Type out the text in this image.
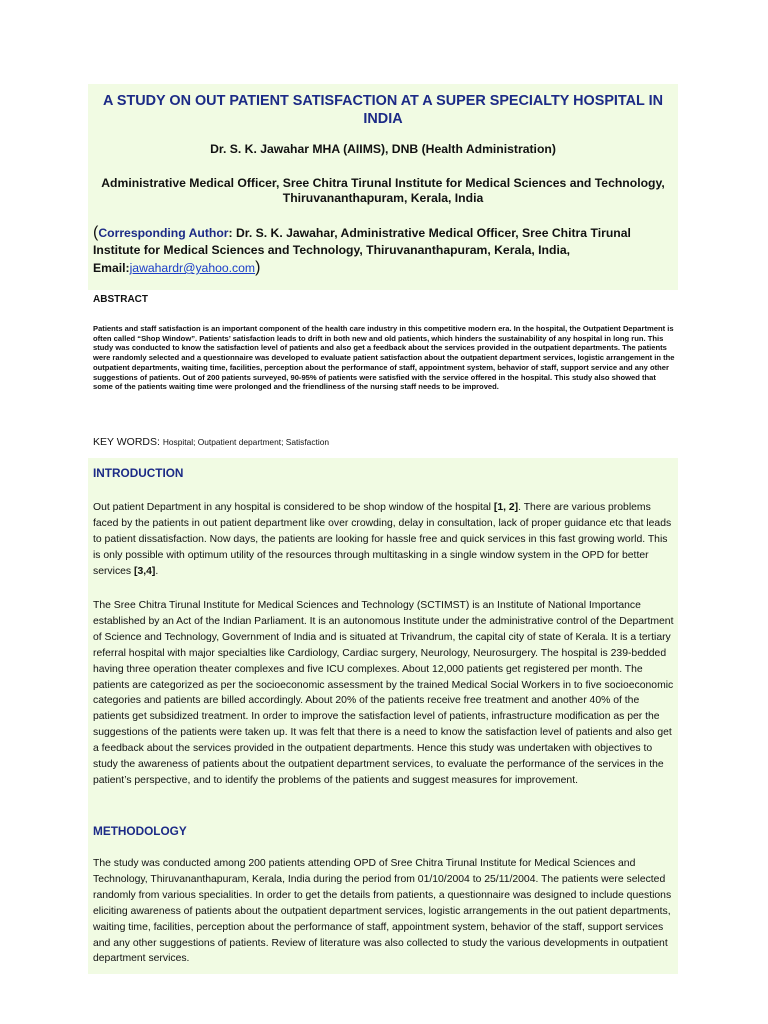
A STUDY ON OUT PATIENT SATISFACTION AT A SUPER SPECIALTY HOSPITAL IN INDIA

Dr. S. K. Jawahar MHA (AIIMS), DNB (Health Administration)

Administrative Medical Officer, Sree Chitra Tirunal Institute for Medical Sciences and Technology, Thiruvananthapuram, Kerala, India

(Corresponding Author: Dr. S. K. Jawahar, Administrative Medical Officer, Sree Chitra Tirunal Institute for Medical Sciences and Technology, Thiruvananthapuram, Kerala, India,
Email:jawahardr@yahoo.com)

ABSTRACT

Patients and staff satisfaction is an important component of the health care industry in this competitive modern era. In the hospital, the Outpatient Department is often called “Shop Window”. Patients’ satisfaction leads to drift in both new and old patients, which hinders the sustainability of any hospital in long run. This study was conducted to know the satisfaction level of patients and also get a feedback about the services provided in the outpatient departments. The patients were randomly selected and a questionnaire was developed to evaluate patient satisfaction about the outpatient department services, logistic arrangement in the outpatient departments, waiting time, facilities, perception about the performance of staff, appointment system, behavior of staff, support service and any other suggestions of patients. Out of 200 patients surveyed, 90-95% of patients were satisfied with the service offered in the hospital. This study also showed that some of the patients waiting time were prolonged and the friendliness of the nursing staff needs to be improved.

KEY WORDS: Hospital; Outpatient department; Satisfaction

INTRODUCTION

Out patient Department in any hospital is considered to be shop window of the hospital [1, 2]. There are various problems faced by the patients in out patient department like over crowding, delay in consultation, lack of proper guidance etc that leads to patient dissatisfaction. Now days, the patients are looking for hassle free and quick services in this fast growing world. This is only possible with optimum utility of the resources through multitasking in a single window system in the OPD for better services [3,4].

The Sree Chitra Tirunal Institute for Medical Sciences and Technology (SCTIMST) is an Institute of National Importance established by an Act of the Indian Parliament. It is an autonomous Institute under the administrative control of the Department of Science and Technology, Government of India and is situated at Trivandrum, the capital city of state of Kerala. It is a tertiary referral hospital with major specialties like Cardiology, Cardiac surgery, Neurology, Neurosurgery. The hospital is 239-bedded having three operation theater complexes and five ICU complexes. About 12,000 patients get registered per month. The patients are categorized as per the socioeconomic assessment by the trained Medical Social Workers in to five socioeconomic categories and patients are billed accordingly. About 20% of the patients receive free treatment and another 40% of the patients get subsidized treatment. In order to improve the satisfaction level of patients, infrastructure modification as per the suggestions of the patients were taken up. It was felt that there is a need to know the satisfaction level of patients and also get a feedback about the services provided in the outpatient departments. Hence this study was undertaken with objectives to study the awareness of patients about the outpatient department services, to evaluate the performance of the services in the patient’s perspective, and to identify the problems of the patients and suggest measures for improvement.

METHODOLOGY

The study was conducted among 200 patients attending OPD of Sree Chitra Tirunal Institute for Medical Sciences and Technology, Thiruvananthapuram, Kerala, India during the period from 01/10/2004 to 25/11/2004. The patients were selected randomly from various specialities. In order to get the details from patients, a questionnaire was designed to include questions eliciting awareness of patients about the outpatient department services, logistic arrangements in the out patient departments, waiting time, facilities, perception about the performance of staff, appointment system, behavior of the staff, support services and any other suggestions of patients. Review of literature was also collected to study the various developments in outpatient department services.
